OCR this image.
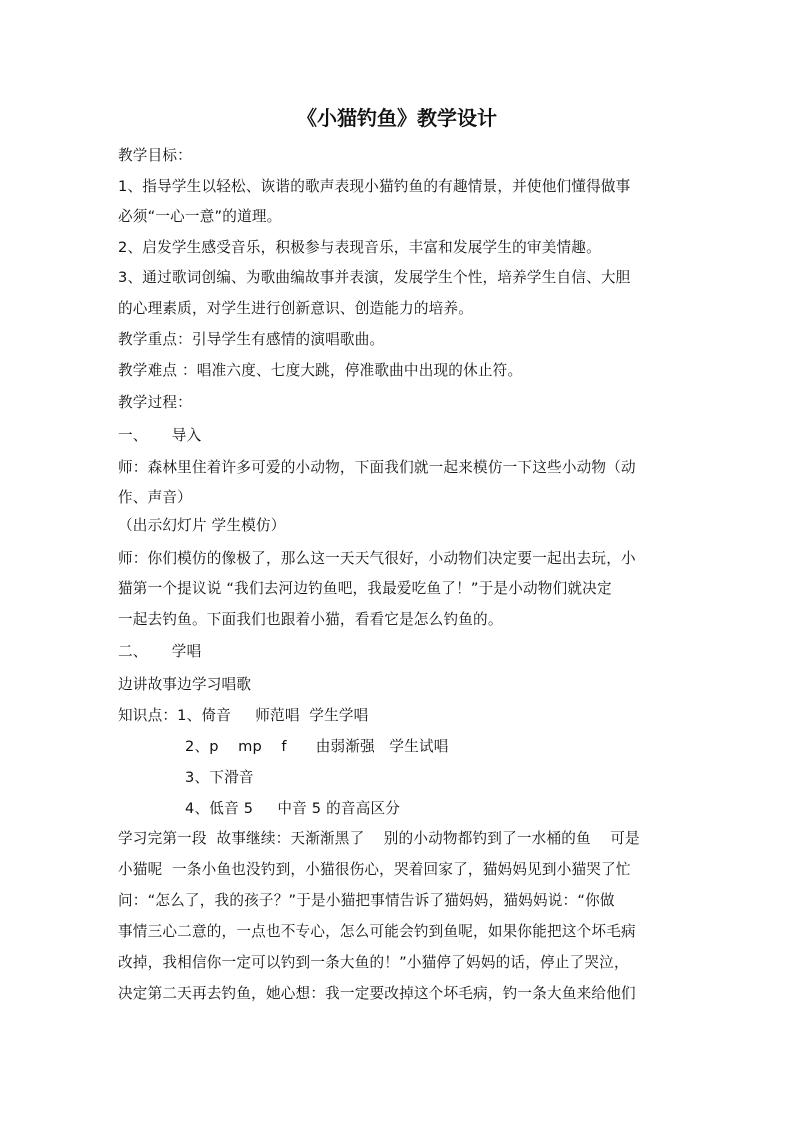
《小猫钓鱼》教学设计
教学目标：
1、指导学生以轻松、诙谐的歌声表现小猫钓鱼的有趣情景，并使他们懂得做事
必须“一心一意”的道理。
2、启发学生感受音乐，积极参与表现音乐，丰富和发展学生的审美情趣。
3、通过歌词创编、为歌曲编故事并表演，发展学生个性，培养学生自信、大胆
的心理素质，对学生进行创新意识、创造能力的培养。
教学重点：引导学生有感情的演唱歌曲。
教学难点 ：唱准六度、七度大跳，停准歌曲中出现的休止符。
教学过程：
一、     导入
师：森林里住着许多可爱的小动物，下面我们就一起来模仿一下这些小动物（动
作、声音）
（出示幻灯片 学生模仿）
师：你们模仿的像极了，那么这一天天气很好，小动物们决定要一起出去玩，小
猫第一个提议说 “我们去河边钓鱼吧，我最爱吃鱼了！”于是小动物们就决定
一起去钓鱼。下面我们也跟着小猫，看看它是怎么钓鱼的。
二、     学唱
边讲故事边学习唱歌
知识点：1、倚音     师范唱  学生学唱
2、p    mp    f      由弱渐强   学生试唱
3、下滑音
4、低音 5     中音 5 的音高区分
学习完第一段  故事继续：天渐渐黑了    别的小动物都钓到了一水桶的鱼    可是
小猫呢  一条小鱼也没钓到，小猫很伤心，哭着回家了，猫妈妈见到小猫哭了忙
问：“怎么了，我的孩子？”于是小猫把事情告诉了猫妈妈，猫妈妈说：“你做
事情三心二意的，一点也不专心，怎么可能会钓到鱼呢，如果你能把这个坏毛病
改掉，我相信你一定可以钓到一条大鱼的！”小猫停了妈妈的话，停止了哭泣，
决定第二天再去钓鱼，她心想：我一定要改掉这个坏毛病，钓一条大鱼来给他们
